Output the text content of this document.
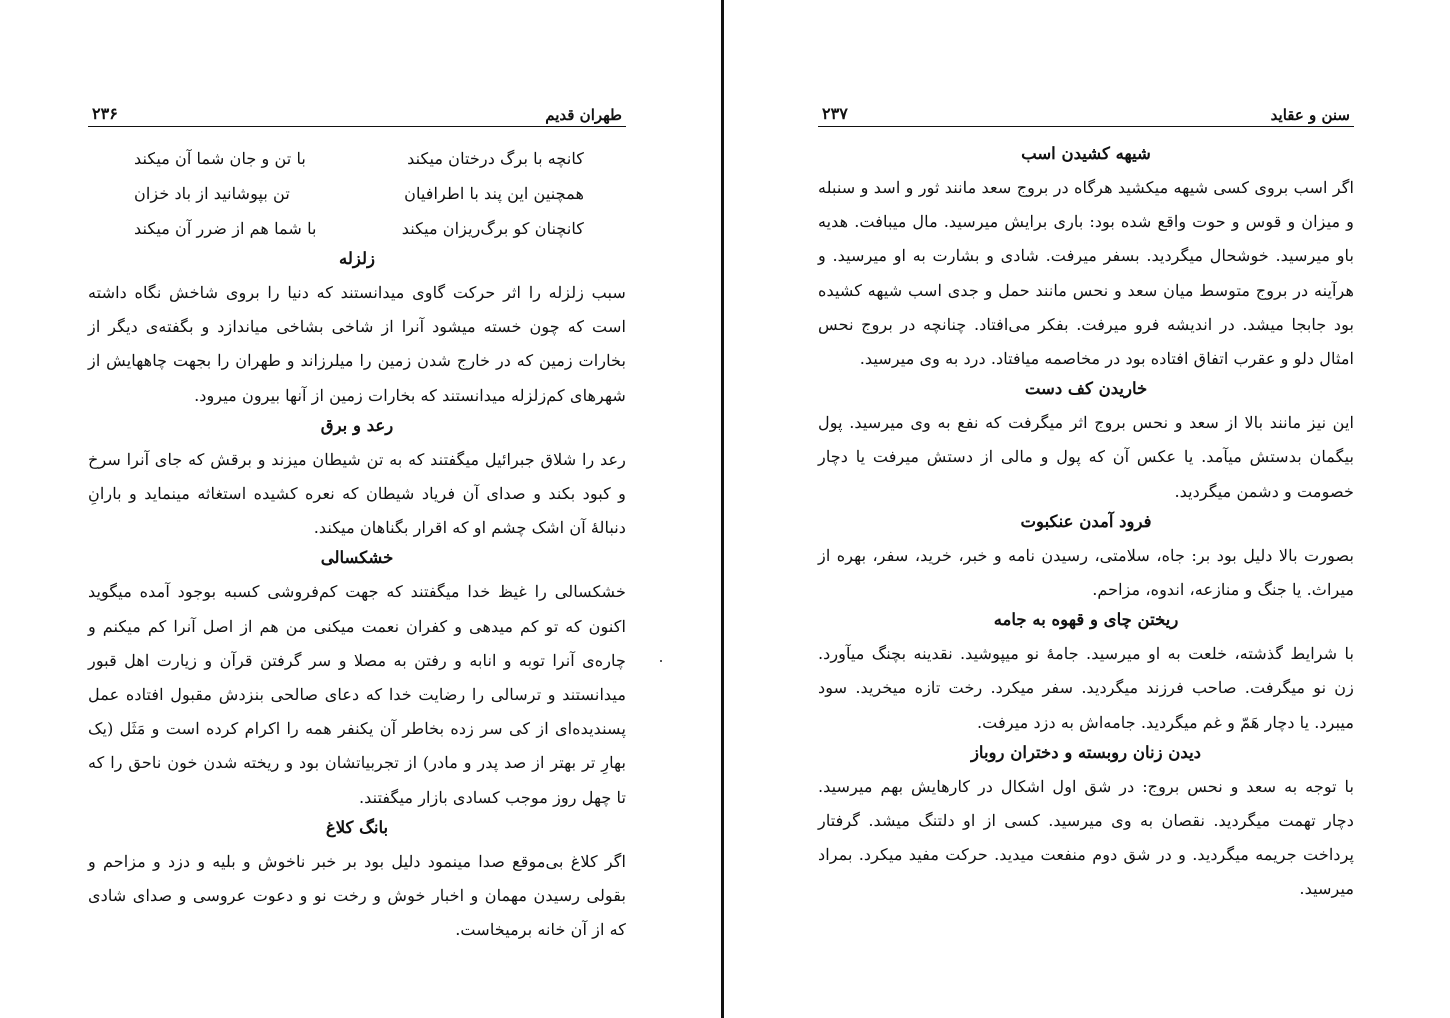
طهران قدیم
۲۳۶
کانچه با برگ درختان میکند
با تن و جان شما آن میکند
همچنین این پند با اطرافیان
تن بپوشانید از باد خزان
کانچنان کو برگ‌ریزان میکند
با شما هم از ضرر آن میکند
زلزله
سبب زلزله را اثر حرکت گاوی میدانستند که دنیا را بروی شاخش نگاه داشته
است که چون خسته میشود آنرا از شاخی بشاخی میاندازد و بگفته‌ی دیگر از
بخارات زمین که در خارج شدن زمین را میلرزاند و طهران را بجهت چاههایش از
شهرهای کم‌زلزله میدانستند که بخارات زمین از آنها بیرون میرود.
رعد و برق
رعد را شلاق جبرائیل میگفتند که به تن شیطان میزند و برقش که جای آنرا سرخ
و کبود بکند و صدای آن فریاد شیطان که نعره کشیده استغاثه مینماید و بارانِ
دنبالهٔ آن اشک چشم او که اقرار بگناهان میکند.
خشکسالی
خشکسالی را غیظ خدا میگفتند که جهت کم‌فروشی کسبه بوجود آمده میگوید
اکنون که تو کم میدهی و کفران نعمت میکنی من هم از اصل آنرا کم میکنم و
چاره‌ی آنرا توبه و انابه و رفتن به مصلا و سر گرفتن قرآن و زیارت اهل قبور
میدانستند و ترسالی را رضایت خدا که دعای صالحی بنزدش مقبول افتاده عمل
پسندیده‌ای از کی سر زده بخاطر آن یکنفر همه را اکرام کرده است و مَثَل (یک
بهارِ تر بهتر از صد پدر و مادر) از تجربیاتشان بود و ریخته شدن خون ناحق را که
تا چهل روز موجب کسادی بازار میگفتند.
بانگ کلاغ
اگر کلاغ بی‌موقع صدا مینمود دلیل بود بر خبر ناخوش و بلیه و دزد و مزاحم و
بقولی رسیدن مهمان و اخبار خوش و رخت نو و دعوت عروسی و صدای شادی
که از آن خانه برمیخاست.
سنن و عقاید
۲۳۷
شیهه کشیدن اسب
اگر اسب بروی کسی شیهه میکشید هرگاه در بروج سعد مانند ثور و اسد و سنبله
و میزان و قوس و حوت واقع شده بود: باری برایش میرسید. مال میبافت. هدیه
باو میرسید. خوشحال میگردید. بسفر میرفت. شادی و بشارت به او میرسید. و
هرآینه در بروج متوسط میان سعد و نحس مانند حمل و جدی اسب شیهه کشیده
بود جابجا میشد. در اندیشه فرو میرفت. بفکر می‌افتاد. چنانچه در بروج نحس
امثال دلو و عقرب اتفاق افتاده بود در مخاصمه میافتاد. درد به وی میرسید.
خاریدن کف دست
این نیز مانند بالا از سعد و نحس بروج اثر میگرفت که نفع به وی میرسید. پول
بیگمان بدستش میآمد. یا عکس آن که پول و مالی از دستش میرفت یا دچار
خصومت و دشمن میگردید.
فرود آمدن عنکبوت
بصورت بالا دلیل بود بر: جاه، سلامتی، رسیدن نامه و خبر، خرید، سفر، بهره از
میراث. یا جنگ و منازعه، اندوه، مزاحم.
ریختن چای و قهوه به جامه
با شرایط گذشته، خلعت به او میرسید. جامهٔ نو میپوشید. نقدینه بچنگ میآورد.
زن نو میگرفت. صاحب فرزند میگردید. سفر میکرد. رخت تازه میخرید. سود
میبرد. یا دچار هَمّ و غم میگردید. جامه‌اش به دزد میرفت.
دیدن زنان روبسته و دختران روباز
با توجه به سعد و نحس بروج: در شق اول اشکال در کارهایش بهم میرسید.
دچار تهمت میگردید. نقصان به وی میرسید. کسی از او دلتنگ میشد. گرفتار
پرداخت جریمه میگردید. و در شق دوم منفعت میدید. حرکت مفید میکرد. بمراد
میرسید.
